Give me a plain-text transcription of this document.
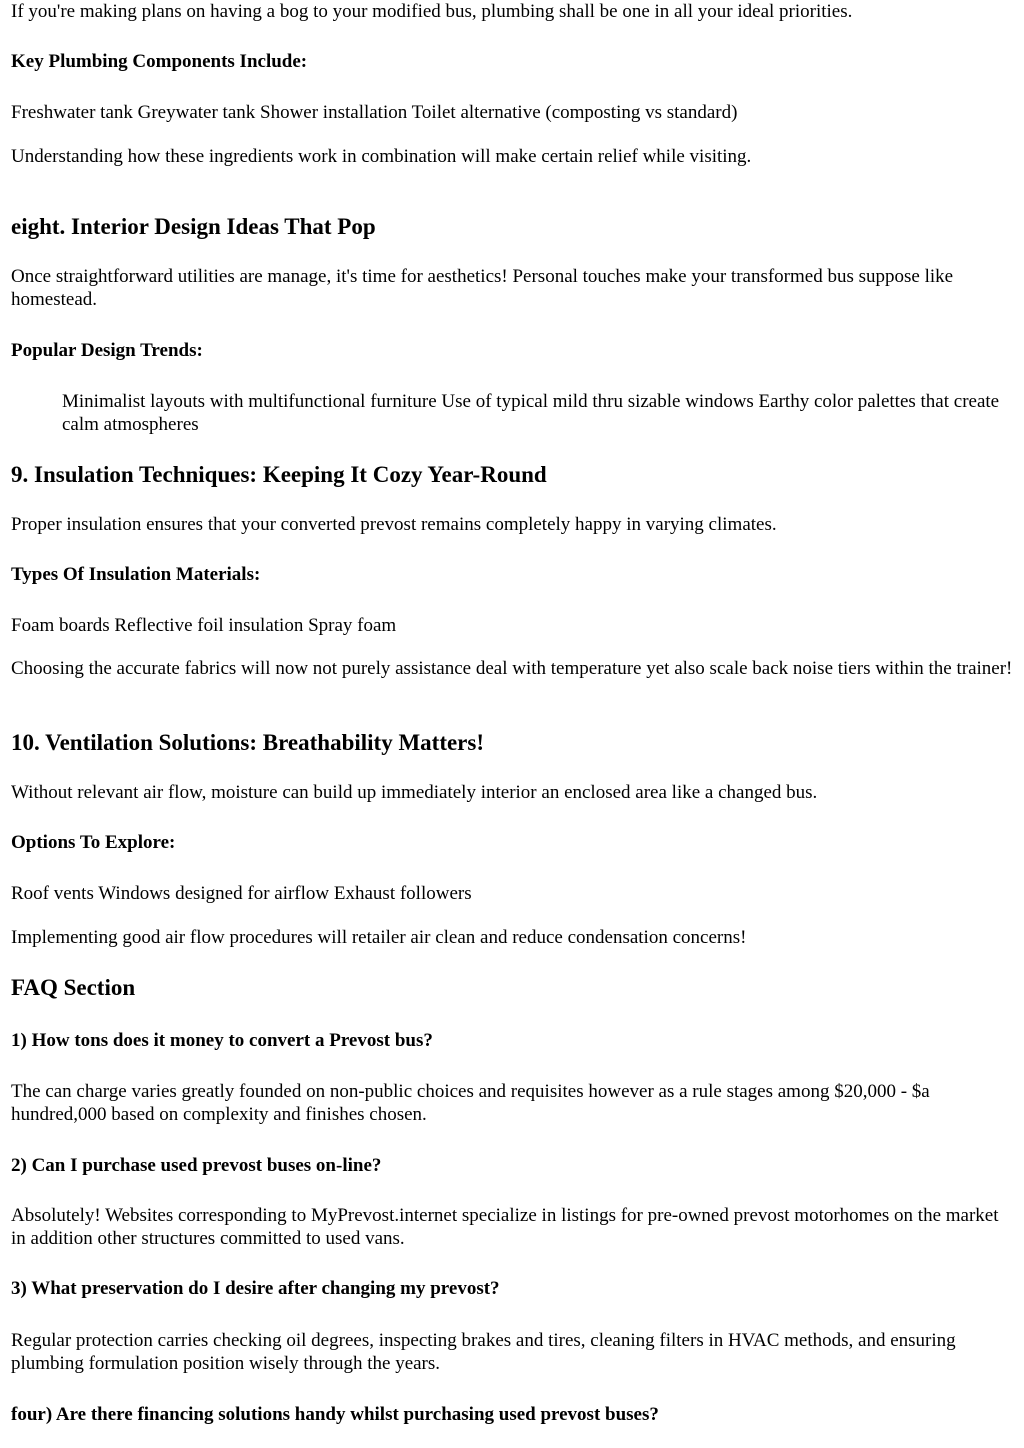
If you're making plans on having a bog to your modified bus, plumbing shall be one in all your ideal priorities.

Key Plumbing Components Include:

Freshwater tank Greywater tank Shower installation Toilet alternative (composting vs standard)

Understanding how these ingredients work in combination will make certain relief while visiting.

eight. Interior Design Ideas That Pop

Once straightforward utilities are manage, it's time for aesthetics! Personal touches make your transformed bus suppose like homestead.

Popular Design Trends:

Minimalist layouts with multifunctional furniture Use of typical mild thru sizable windows Earthy color palettes that create calm atmospheres

9. Insulation Techniques: Keeping It Cozy Year-Round

Proper insulation ensures that your converted prevost remains completely happy in varying climates.

Types Of Insulation Materials:

Foam boards Reflective foil insulation Spray foam

Choosing the accurate fabrics will now not purely assistance deal with temperature yet also scale back noise tiers within the trainer!

10. Ventilation Solutions: Breathability Matters!

Without relevant air flow, moisture can build up immediately interior an enclosed area like a changed bus.

Options To Explore:

Roof vents Windows designed for airflow Exhaust followers

Implementing good air flow procedures will retailer air clean and reduce condensation concerns!

FAQ Section
1) How tons does it money to convert a Prevost bus?

The can charge varies greatly founded on non-public choices and requisites however as a rule stages among $20,000 - $a hundred,000 based on complexity and finishes chosen.

2) Can I purchase used prevost buses on-line?

Absolutely! Websites corresponding to MyPrevost.internet specialize in listings for pre-owned prevost motorhomes on the market in addition other structures committed to used vans.

3) What preservation do I desire after changing my prevost?

Regular protection carries checking oil degrees, inspecting brakes and tires, cleaning filters in HVAC methods, and ensuring plumbing formulation position wisely through the years.

four) Are there financing solutions handy whilst purchasing used prevost buses?
